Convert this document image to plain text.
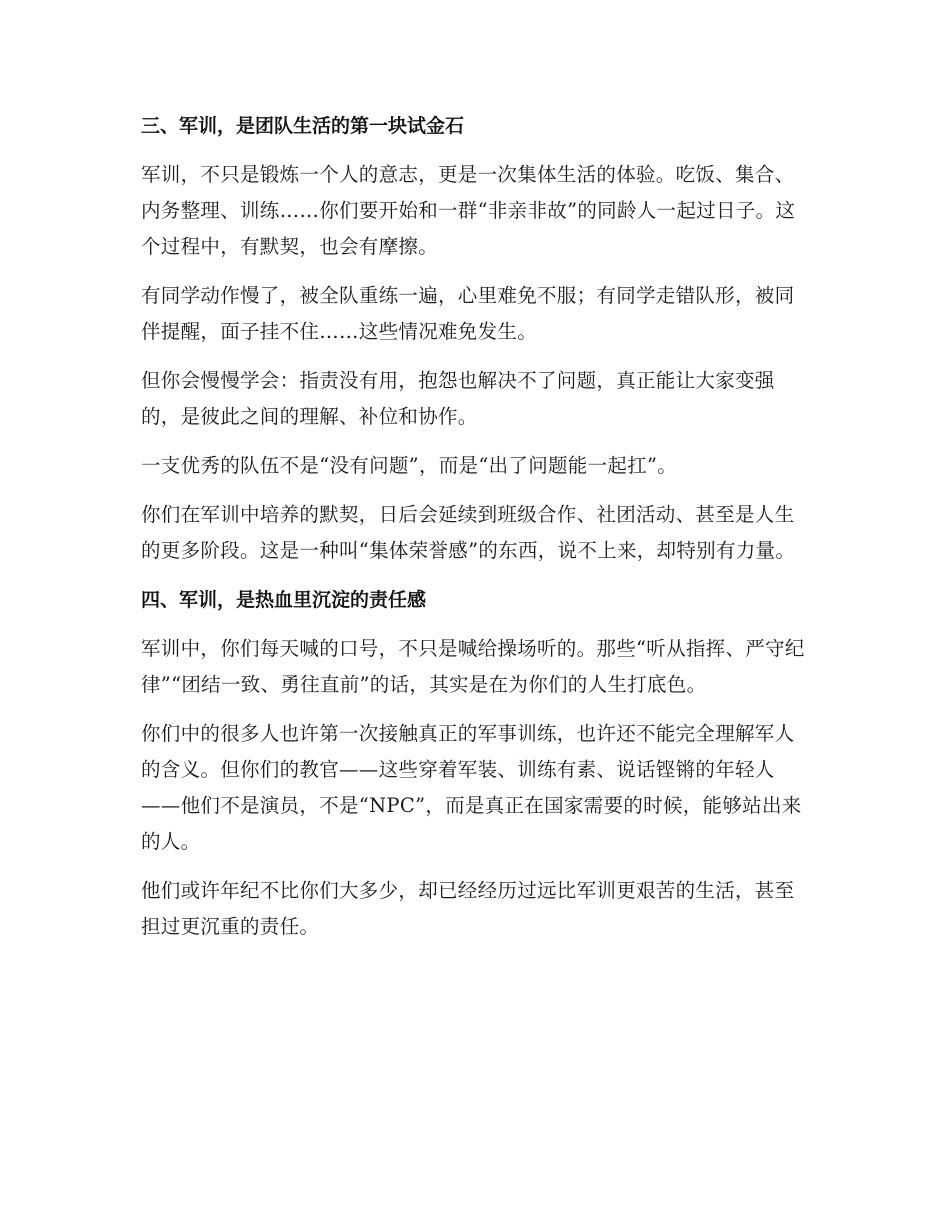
三、军训，是团队生活的第一块试金石

军训，不只是锻炼一个人的意志，更是一次集体生活的体验。吃饭、集合、内务整理、训练……你们要开始和一群“非亲非故”的同龄人一起过日子。这个过程中，有默契，也会有摩擦。

有同学动作慢了，被全队重练一遍，心里难免不服；有同学走错队形，被同伴提醒，面子挂不住……这些情况难免发生。

但你会慢慢学会：指责没有用，抱怨也解决不了问题，真正能让大家变强的，是彼此之间的理解、补位和协作。

一支优秀的队伍不是“没有问题”，而是“出了问题能一起扛”。

你们在军训中培养的默契，日后会延续到班级合作、社团活动、甚至是人生的更多阶段。这是一种叫“集体荣誉感”的东西，说不上来，却特别有力量。

四、军训，是热血里沉淀的责任感

军训中，你们每天喊的口号，不只是喊给操场听的。那些“听从指挥、严守纪律”“团结一致、勇往直前”的话，其实是在为你们的人生打底色。

你们中的很多人也许第一次接触真正的军事训练，也许还不能完全理解军人的含义。但你们的教官——这些穿着军装、训练有素、说话铿锵的年轻人——他们不是演员，不是“NPC”，而是真正在国家需要的时候，能够站出来的人。

他们或许年纪不比你们大多少，却已经经历过远比军训更艰苦的生活，甚至担过更沉重的责任。
